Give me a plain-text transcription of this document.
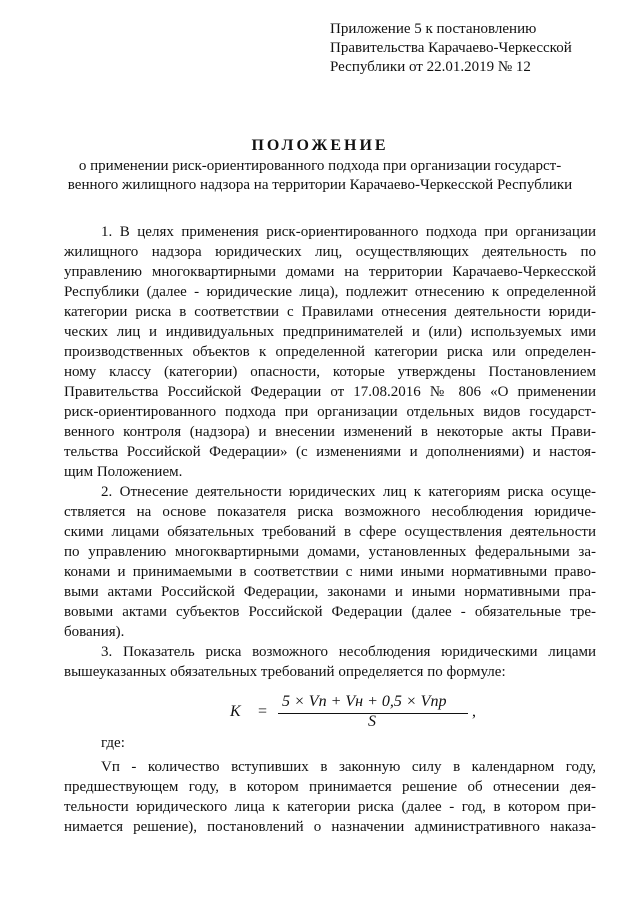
Приложение 5 к постановлению
Правительства Карачаево-Черкесской
Республики от 22.01.2019 № 12
ПОЛОЖЕНИЕ
о применении риск-ориентированного подхода при организации государст-
венного жилищного надзора на территории Карачаево-Черкесской Республики
1. В целях применения риск-ориентированного подхода при организации
жилищного надзора юридических лиц, осуществляющих деятельность по
управлению многоквартирными домами на территории Карачаево-Черкесской
Республики (далее - юридические лица), подлежит отнесению к определенной
категории риска в соответствии с Правилами отнесения деятельности юриди-
ческих лиц и индивидуальных предпринимателей и (или) используемых ими
производственных объектов к определенной категории риска или определен-
ному классу (категории) опасности, которые утверждены Постановлением
Правительства Российской Федерации от 17.08.2016 № 806 «О применении
риск-ориентированного подхода при организации отдельных видов государст-
венного контроля (надзора) и внесении изменений в некоторые акты Прави-
тельства Российской Федерации» (с изменениями и дополнениями) и настоя-
щим Положением.
2. Отнесение деятельности юридических лиц к категориям риска осуще-
ствляется на основе показателя риска возможного несоблюдения юридиче-
скими лицами обязательных требований в сфере осуществления деятельности
по управлению многоквартирными домами, установленных федеральными за-
конами и принимаемыми в соответствии с ними иными нормативными право-
выми актами Российской Федерации, законами и иными нормативными пра-
вовыми актами субъектов Российской Федерации (далее - обязательные тре-
бования).
3. Показатель риска возможного несоблюдения юридическими лицами
вышеуказанных обязательных требований определяется по формуле:
K =
5 × Vп + Vн + 0,5 × Vпр
S
,
где:
Vп - количество вступивших в законную силу в календарном году,
предшествующем году, в котором принимается решение об отнесении дея-
тельности юридического лица к категории риска (далее - год, в котором при-
нимается решение), постановлений о назначении административного наказа-
